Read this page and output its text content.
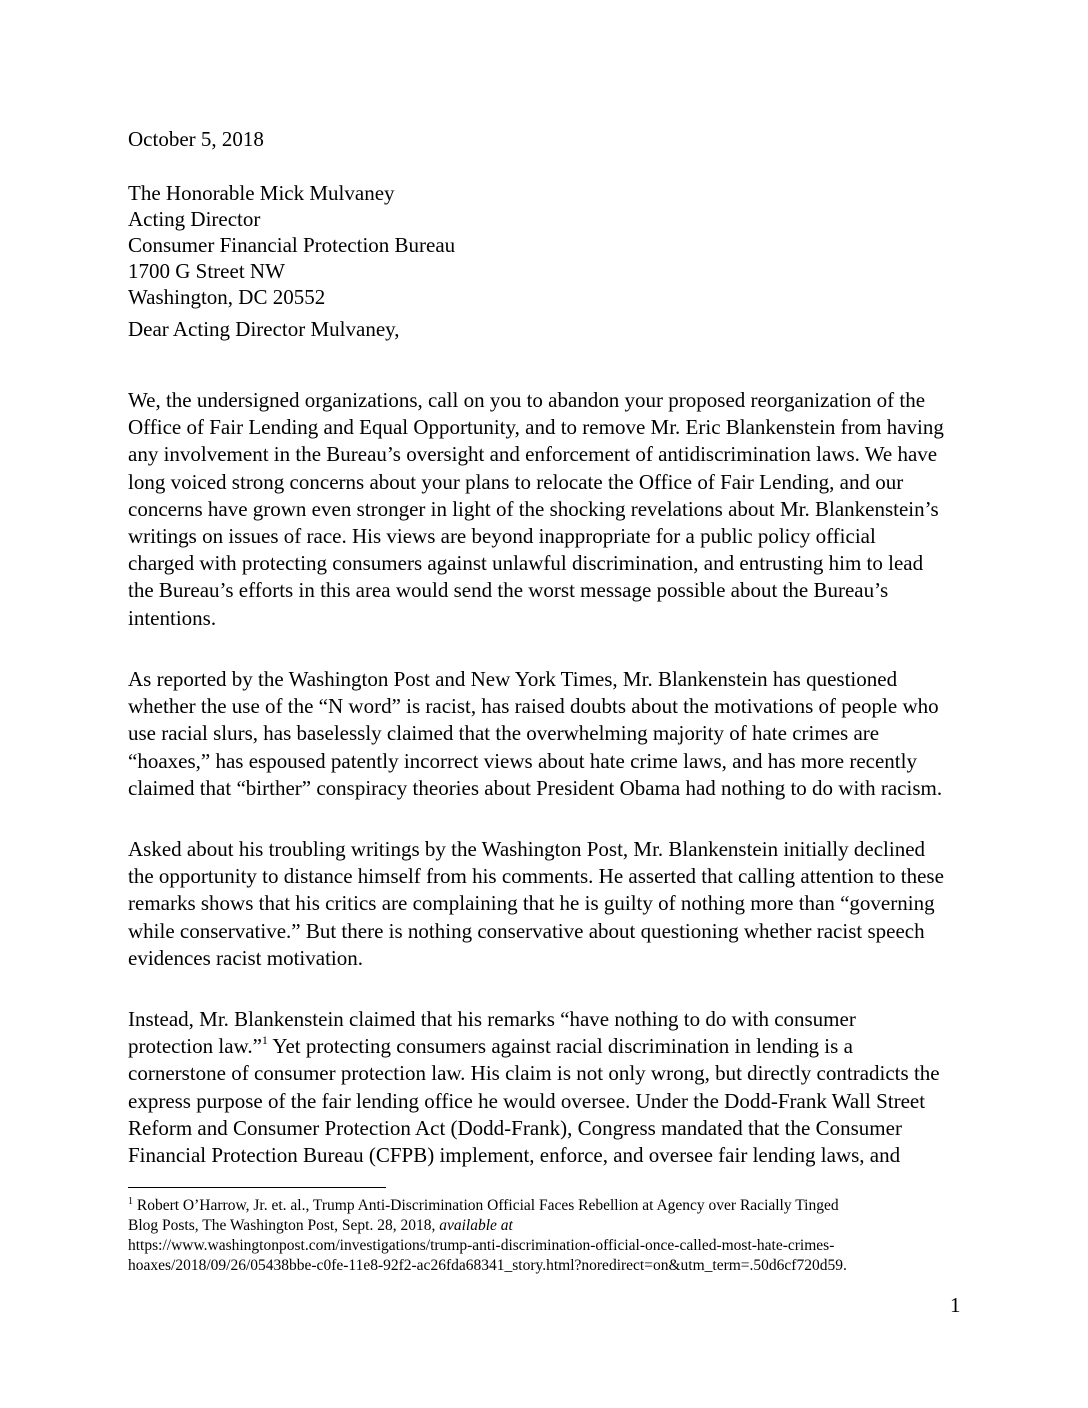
October 5, 2018
The Honorable Mick Mulvaney
Acting Director
Consumer Financial Protection Bureau
1700 G Street NW
Washington, DC 20552
Dear Acting Director Mulvaney,
We, the undersigned organizations, call on you to abandon your proposed reorganization of the
Office of Fair Lending and Equal Opportunity, and to remove Mr. Eric Blankenstein from having
any involvement in the Bureau’s oversight and enforcement of antidiscrimination laws. We have
long voiced strong concerns about your plans to relocate the Office of Fair Lending, and our
concerns have grown even stronger in light of the shocking revelations about Mr. Blankenstein’s
writings on issues of race. His views are beyond inappropriate for a public policy official
charged with protecting consumers against unlawful discrimination, and entrusting him to lead
the Bureau’s efforts in this area would send the worst message possible about the Bureau’s
intentions.
As reported by the Washington Post and New York Times, Mr. Blankenstein has questioned
whether the use of the “N word” is racist, has raised doubts about the motivations of people who
use racial slurs, has baselessly claimed that the overwhelming majority of hate crimes are
“hoaxes,” has espoused patently incorrect views about hate crime laws, and has more recently
claimed that “birther” conspiracy theories about President Obama had nothing to do with racism.
Asked about his troubling writings by the Washington Post, Mr. Blankenstein initially declined
the opportunity to distance himself from his comments. He asserted that calling attention to these
remarks shows that his critics are complaining that he is guilty of nothing more than “governing
while conservative.” But there is nothing conservative about questioning whether racist speech
evidences racist motivation.
Instead, Mr. Blankenstein claimed that his remarks “have nothing to do with consumer
protection law.”$^1$ Yet protecting consumers against racial discrimination in lending is a
cornerstone of consumer protection law. His claim is not only wrong, but directly contradicts the
express purpose of the fair lending office he would oversee. Under the Dodd-Frank Wall Street
Reform and Consumer Protection Act (Dodd-Frank), Congress mandated that the Consumer
Financial Protection Bureau (CFPB) implement, enforce, and oversee fair lending laws, and
$^1$ Robert O’Harrow, Jr. et. al., Trump Anti-Discrimination Official Faces Rebellion at Agency over Racially Tinged
Blog Posts, The Washington Post, Sept. 28, 2018, available at
https://www.washingtonpost.com/investigations/trump-anti-discrimination-official-once-called-most-hate-crimes-
hoaxes/2018/09/26/05438bbe-c0fe-11e8-92f2-ac26fda68341_story.html?noredirect=on&utm_term=.50d6cf720d59.
1
